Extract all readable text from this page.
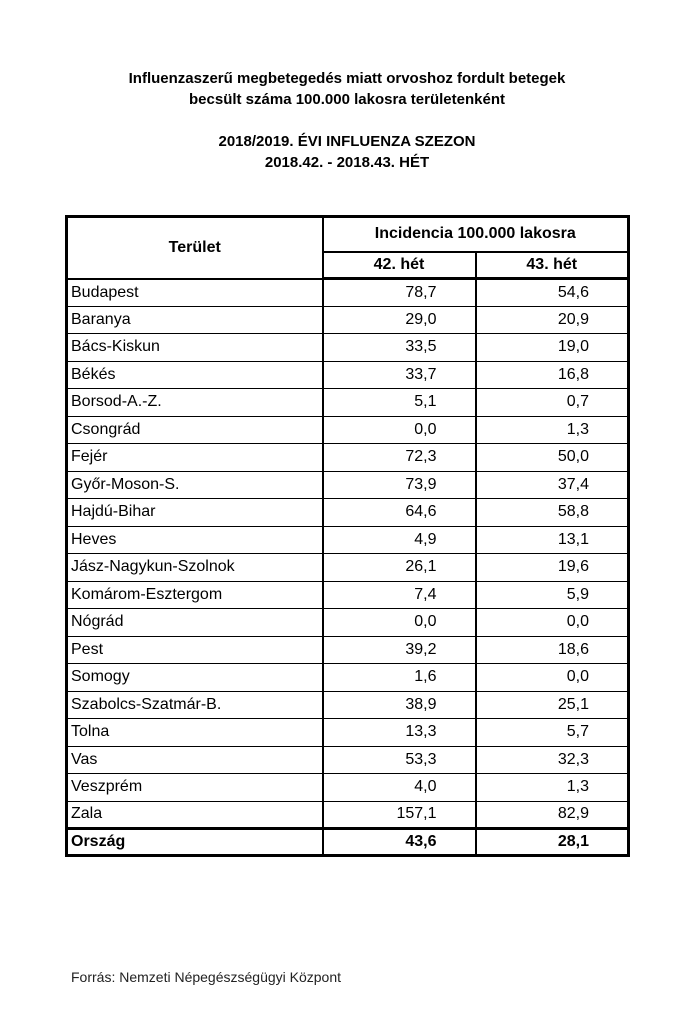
Influenzaszerű megbetegedés miatt orvoshoz fordult betegek
becsült száma 100.000 lakosra területenként
2018/2019. ÉVI INFLUENZA SZEZON
2018.42. - 2018.43. HÉT
Terület	Incidencia 100.000 lakosra	
	42. hét	43. hét
Budapest	78,7	54,6
Baranya	29,0	20,9
Bács-Kiskun	33,5	19,0
Békés	33,7	16,8
Borsod-A.-Z.	5,1	0,7
Csongrád	0,0	1,3
Fejér	72,3	50,0
Győr-Moson-S.	73,9	37,4
Hajdú-Bihar	64,6	58,8
Heves	4,9	13,1
Jász-Nagykun-Szolnok	26,1	19,6
Komárom-Esztergom	7,4	5,9
Nógrád	0,0	0,0
Pest	39,2	18,6
Somogy	1,6	0,0
Szabolcs-Szatmár-B.	38,9	25,1
Tolna	13,3	5,7
Vas	53,3	32,3
Veszprém	4,0	1,3
Zala	157,1	82,9
Ország	43,6	28,1
Forrás: Nemzeti Népegészségügyi Központ
